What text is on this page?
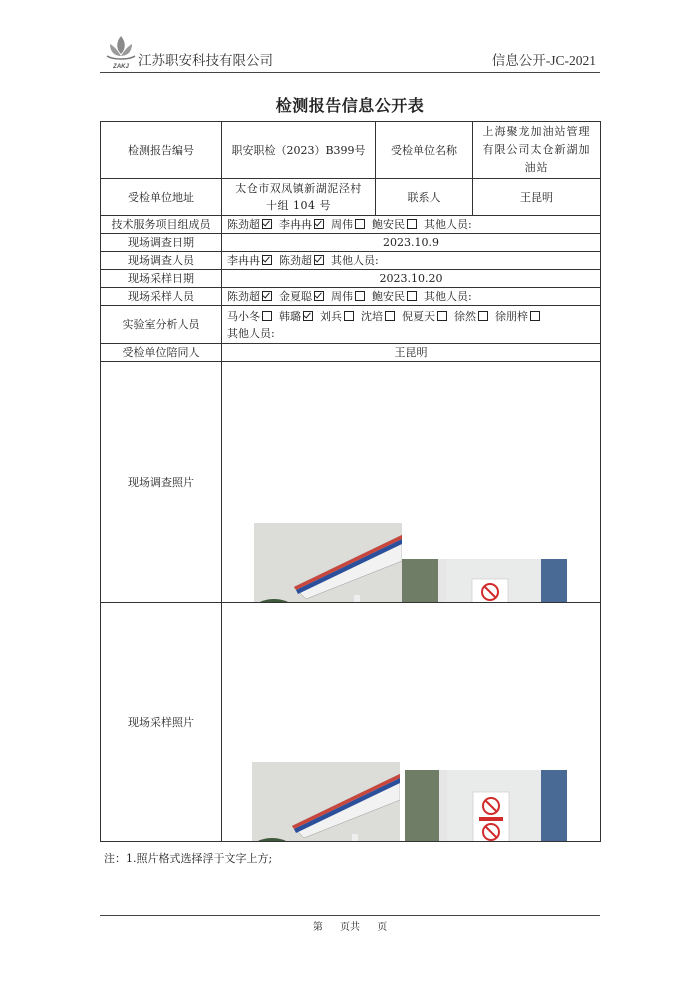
ZAKJ 江苏职安科技有限公司	信息公开-JC-2021
检测报告信息公开表
检测报告编号	职安职检（2023）B399号	受检单位名称	上海聚龙加油站管理有限公司太仓新湖加油站
受检单位地址	太仓市双凤镇新湖泥泾村十组 104 号	联系人	王昆明
技术服务项目组成员	陈劲超 李冉冉 周伟 鲍安民 其他人员:		
现场调查日期	2023.10.9		
现场调查人员	李冉冉 陈劲超 其他人员:		
现场采样日期	2023.10.20		
现场采样人员	陈劲超 金夏聪 周伟 鲍安民 其他人员:		
实验室分析人员	马小冬 韩璐 刘兵 沈培 倪夏天 徐然 徐朋梓
其他人员:		

受检单位陪同人	王昆明		
现场调查照片	

现场采样照片	
注：1.照片格式选择浮于文字上方;
第 页共 页
